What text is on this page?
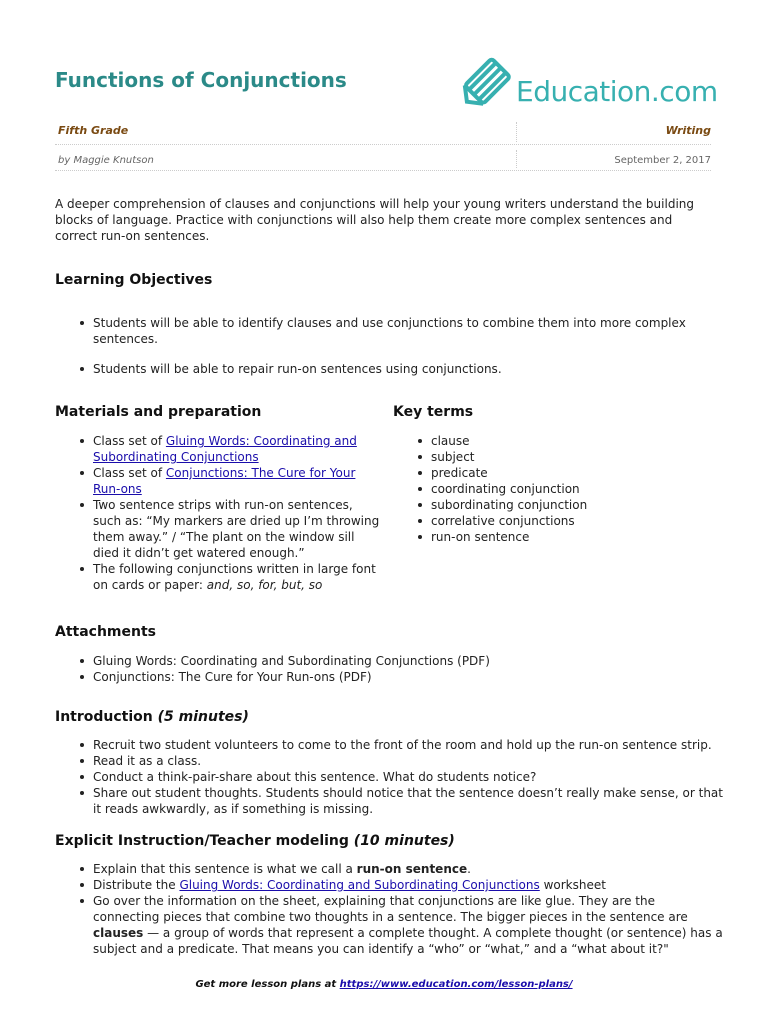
Functions of Conjunctions	Education.com
Fifth Grade	Writing
by Maggie Knutson	September 2, 2017

A deeper comprehension of clauses and conjunctions will help your young writers understand the building blocks of language. Practice with conjunctions will also help them create more complex sentences and correct run-on sentences.

Learning Objectives
Students will be able to identify clauses and use conjunctions to combine them into more complex sentences.
Students will be able to repair run-on sentences using conjunctions.
Materials and preparation
Class set of Gluing Words: Coordinating and Subordinating Conjunctions
Class set of Conjunctions: The Cure for Your Run-ons
Two sentence strips with run-on sentences, such as: “My markers are dried up I’m throwing them away.” / “The plant on the window sill died it didn’t get watered enough.”
The following conjunctions written in large font on cards or paper: and, so, for, but, so
Key terms
clause
subject
predicate
coordinating conjunction
subordinating conjunction
correlative conjunctions
run-on sentence
Attachments
Gluing Words: Coordinating and Subordinating Conjunctions (PDF)
Conjunctions: The Cure for Your Run-ons (PDF)
Introduction (5 minutes)
Recruit two student volunteers to come to the front of the room and hold up the run-on sentence strip.
Read it as a class.
Conduct a think-pair-share about this sentence. What do students notice?
Share out student thoughts. Students should notice that the sentence doesn’t really make sense, or that it reads awkwardly, as if something is missing.
Explicit Instruction/Teacher modeling (10 minutes)
Explain that this sentence is what we call a run-on sentence.
Distribute the Gluing Words: Coordinating and Subordinating Conjunctions worksheet
Go over the information on the sheet, explaining that conjunctions are like glue. They are the connecting pieces that combine two thoughts in a sentence. The bigger pieces in the sentence are clauses — a group of words that represent a complete thought. A complete thought (or sentence) has a subject and a predicate. That means you can identify a “who” or “what,” and a “what about it?"
Get more lesson plans at https://www.education.com/lesson-plans/
